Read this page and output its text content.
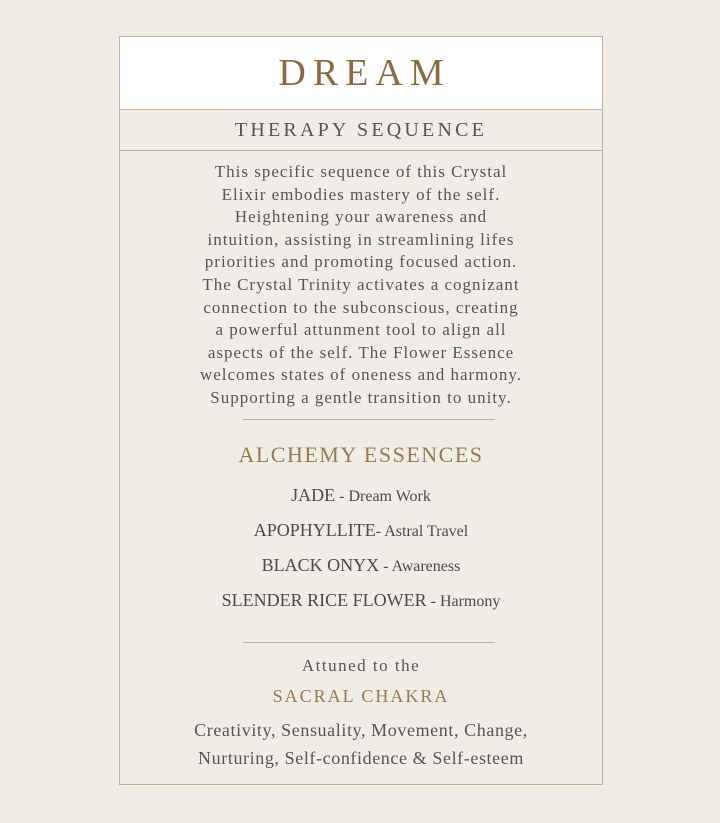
DREAM
THERAPY SEQUENCE
This specific sequence of this Crystal
Elixir embodies mastery of the self.
Heightening your awareness and
intuition, assisting in streamlining lifes
priorities and promoting focused action.
The Crystal Trinity activates a cognizant
connection to the subconscious, creating
a powerful attunment tool to align all
aspects of the self. The Flower Essence
welcomes states of oneness and harmony.
Supporting a gentle transition to unity.
ALCHEMY ESSENCES
JADE - Dream Work
APOPHYLLITE- Astral Travel
BLACK ONYX - Awareness
SLENDER RICE FLOWER - Harmony
Attuned to the
SACRAL CHAKRA
Creativity, Sensuality, Movement, Change,
Nurturing, Self-confidence & Self-esteem
